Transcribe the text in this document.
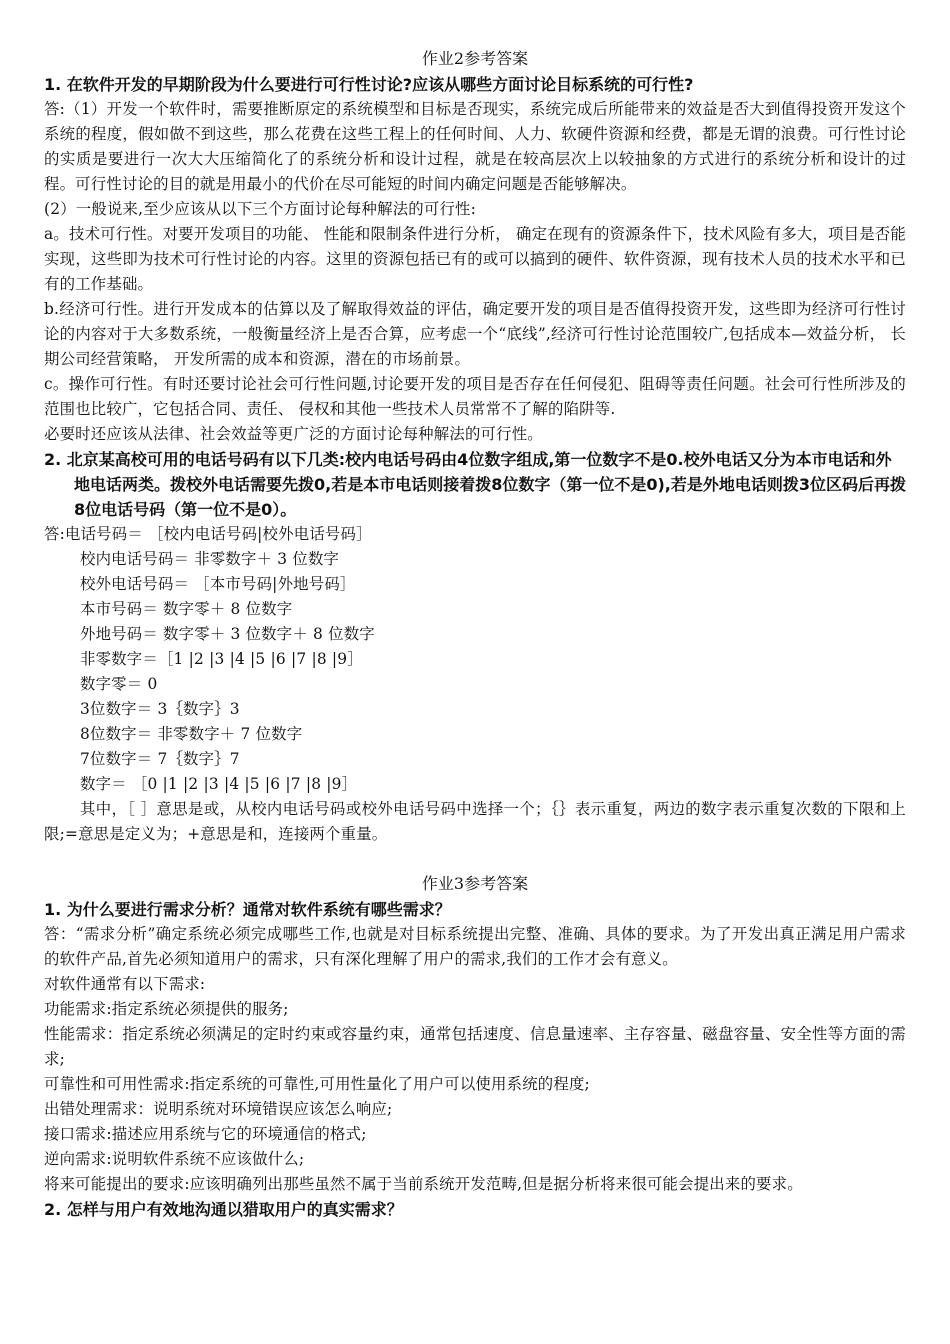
作业2参考答案

1. 在软件开发的早期阶段为什么要进行可行性讨论?应该从哪些方面讨论目标系统的可行性?

答:（1）开发一个软件时，需要推断原定的系统模型和目标是否现实，系统完成后所能带来的效益是否大到值得投资开发这个系统的程度，假如做不到这些，那么花费在这些工程上的任何时间、人力、软硬件资源和经费，都是无谓的浪费。可行性讨论的实质是要进行一次大大压缩简化了的系统分析和设计过程，就是在较高层次上以较抽象的方式进行的系统分析和设计的过程。可行性讨论的目的就是用最小的代价在尽可能短的时间内确定问题是否能够解决。

(2）一般说来,至少应该从以下三个方面讨论每种解法的可行性:

a。技术可行性。对要开发项目的功能、 性能和限制条件进行分析， 确定在现有的资源条件下，技术风险有多大，项目是否能实现，这些即为技术可行性讨论的内容。这里的资源包括已有的或可以搞到的硬件、软件资源，现有技术人员的技术水平和已有的工作基础。

b.经济可行性。进行开发成本的估算以及了解取得效益的评估，确定要开发的项目是否值得投资开发，这些即为经济可行性讨论的内容对于大多数系统，一般衡量经济上是否合算，应考虑一个“底线”,经济可行性讨论范围较广,包括成本—效益分析， 长期公司经营策略， 开发所需的成本和资源，潜在的市场前景。

c。操作可行性。有时还要讨论社会可行性问题,讨论要开发的项目是否存在任何侵犯、阻碍等责任问题。社会可行性所涉及的范围也比较广，它包括合同、责任、 侵权和其他一些技术人员常常不了解的陷阱等.

必要时还应该从法律、社会效益等更广泛的方面讨论每种解法的可行性。

2. 北京某高校可用的电话号码有以下几类:校内电话号码由4位数字组成,第一位数字不是0.校外电话又分为本市电话和外地电话两类。拨校外电话需要先拨0,若是本市电话则接着拨8位数字（第一位不是0),若是外地电话则拨3位区码后再拨8位电话号码（第一位不是0）。

答:电话号码＝ ［校内电话号码|校外电话号码］

校内电话号码＝ 非零数字＋ 3 位数字

校外电话号码＝ ［本市号码|外地号码］

本市号码＝ 数字零＋ 8 位数字

外地号码＝ 数字零＋ 3 位数字＋ 8 位数字

非零数字＝［1 |2 |3 |4 |5 |6 |7 |8 |9］

数字零＝ 0

3位数字＝ 3｛数字｝3

8位数字＝ 非零数字＋ 7 位数字

7位数字＝ 7｛数字｝7

数字＝ ［0 |1 |2 |3 |4 |5 |6 |7 |8 |9］

其中，［ ］意思是或，从校内电话号码或校外电话号码中选择一个；｛｝表示重复，两边的数字表示重复次数的下限和上限;=意思是定义为；+意思是和，连接两个重量。

作业3参考答案

1. 为什么要进行需求分析？通常对软件系统有哪些需求？

答：“需求分析”确定系统必须完成哪些工作,也就是对目标系统提出完整、准确、具体的要求。为了开发出真正满足用户需求的软件产品,首先必须知道用户的需求，只有深化理解了用户的需求,我们的工作才会有意义。

对软件通常有以下需求:

功能需求:指定系统必须提供的服务;

性能需求：指定系统必须满足的定时约束或容量约束，通常包括速度、信息量速率、主存容量、磁盘容量、安全性等方面的需求;

可靠性和可用性需求:指定系统的可靠性,可用性量化了用户可以使用系统的程度;

出错处理需求：说明系统对环境错误应该怎么响应;

接口需求:描述应用系统与它的环境通信的格式;

逆向需求:说明软件系统不应该做什么;

将来可能提出的要求:应该明确列出那些虽然不属于当前系统开发范畴,但是据分析将来很可能会提出来的要求。

2. 怎样与用户有效地沟通以猎取用户的真实需求？
